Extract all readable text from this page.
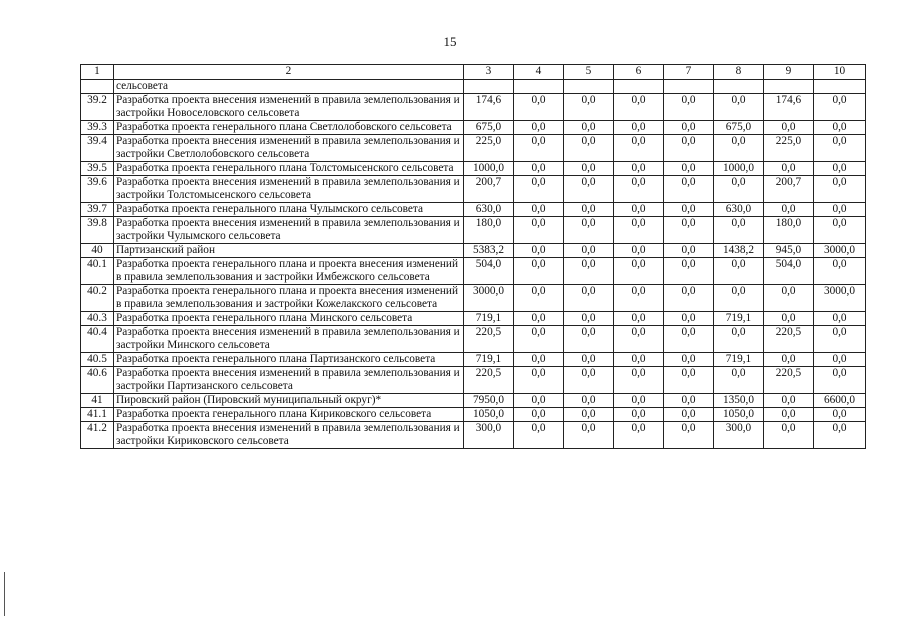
15
1	2	3	4	5	6	7	8	9	10
	сельсовета								
39.2	Разработка проекта внесения изменений в правила землепользования и застройки Новоселовского сельсовета	174,6	0,0	0,0	0,0	0,0	0,0	174,6	0,0
39.3	Разработка проекта генерального плана Светлолобовского сельсовета	675,0	0,0	0,0	0,0	0,0	675,0	0,0	0,0
39.4	Разработка проекта внесения изменений в правила землепользования и застройки Светлолобовского сельсовета	225,0	0,0	0,0	0,0	0,0	0,0	225,0	0,0
39.5	Разработка проекта генерального плана Толстомысенского сельсовета	1000,0	0,0	0,0	0,0	0,0	1000,0	0,0	0,0
39.6	Разработка проекта внесения изменений в правила землепользования и застройки Толстомысенского сельсовета	200,7	0,0	0,0	0,0	0,0	0,0	200,7	0,0
39.7	Разработка проекта генерального плана Чулымского сельсовета	630,0	0,0	0,0	0,0	0,0	630,0	0,0	0,0
39.8	Разработка проекта внесения изменений в правила землепользования и застройки Чулымского сельсовета	180,0	0,0	0,0	0,0	0,0	0,0	180,0	0,0
40	Партизанский район	5383,2	0,0	0,0	0,0	0,0	1438,2	945,0	3000,0
40.1	Разработка проекта генерального плана и проекта внесения изменений в правила землепользования и застройки Имбежского сельсовета	504,0	0,0	0,0	0,0	0,0	0,0	504,0	0,0
40.2	Разработка проекта генерального плана и проекта внесения изменений в правила землепользования и застройки Кожелакского сельсовета	3000,0	0,0	0,0	0,0	0,0	0,0	0,0	3000,0
40.3	Разработка проекта генерального плана Минского сельсовета	719,1	0,0	0,0	0,0	0,0	719,1	0,0	0,0
40.4	Разработка проекта внесения изменений в правила землепользования и застройки Минского сельсовета	220,5	0,0	0,0	0,0	0,0	0,0	220,5	0,0
40.5	Разработка проекта генерального плана Партизанского сельсовета	719,1	0,0	0,0	0,0	0,0	719,1	0,0	0,0
40.6	Разработка проекта внесения изменений в правила землепользования и застройки Партизанского сельсовета	220,5	0,0	0,0	0,0	0,0	0,0	220,5	0,0
41	Пировский район (Пировский муниципальный округ)*	7950,0	0,0	0,0	0,0	0,0	1350,0	0,0	6600,0
41.1	Разработка проекта генерального плана Кириковского сельсовета	1050,0	0,0	0,0	0,0	0,0	1050,0	0,0	0,0
41.2	Разработка проекта внесения изменений в правила землепользования и застройки Кириковского сельсовета	300,0	0,0	0,0	0,0	0,0	300,0	0,0	0,0
